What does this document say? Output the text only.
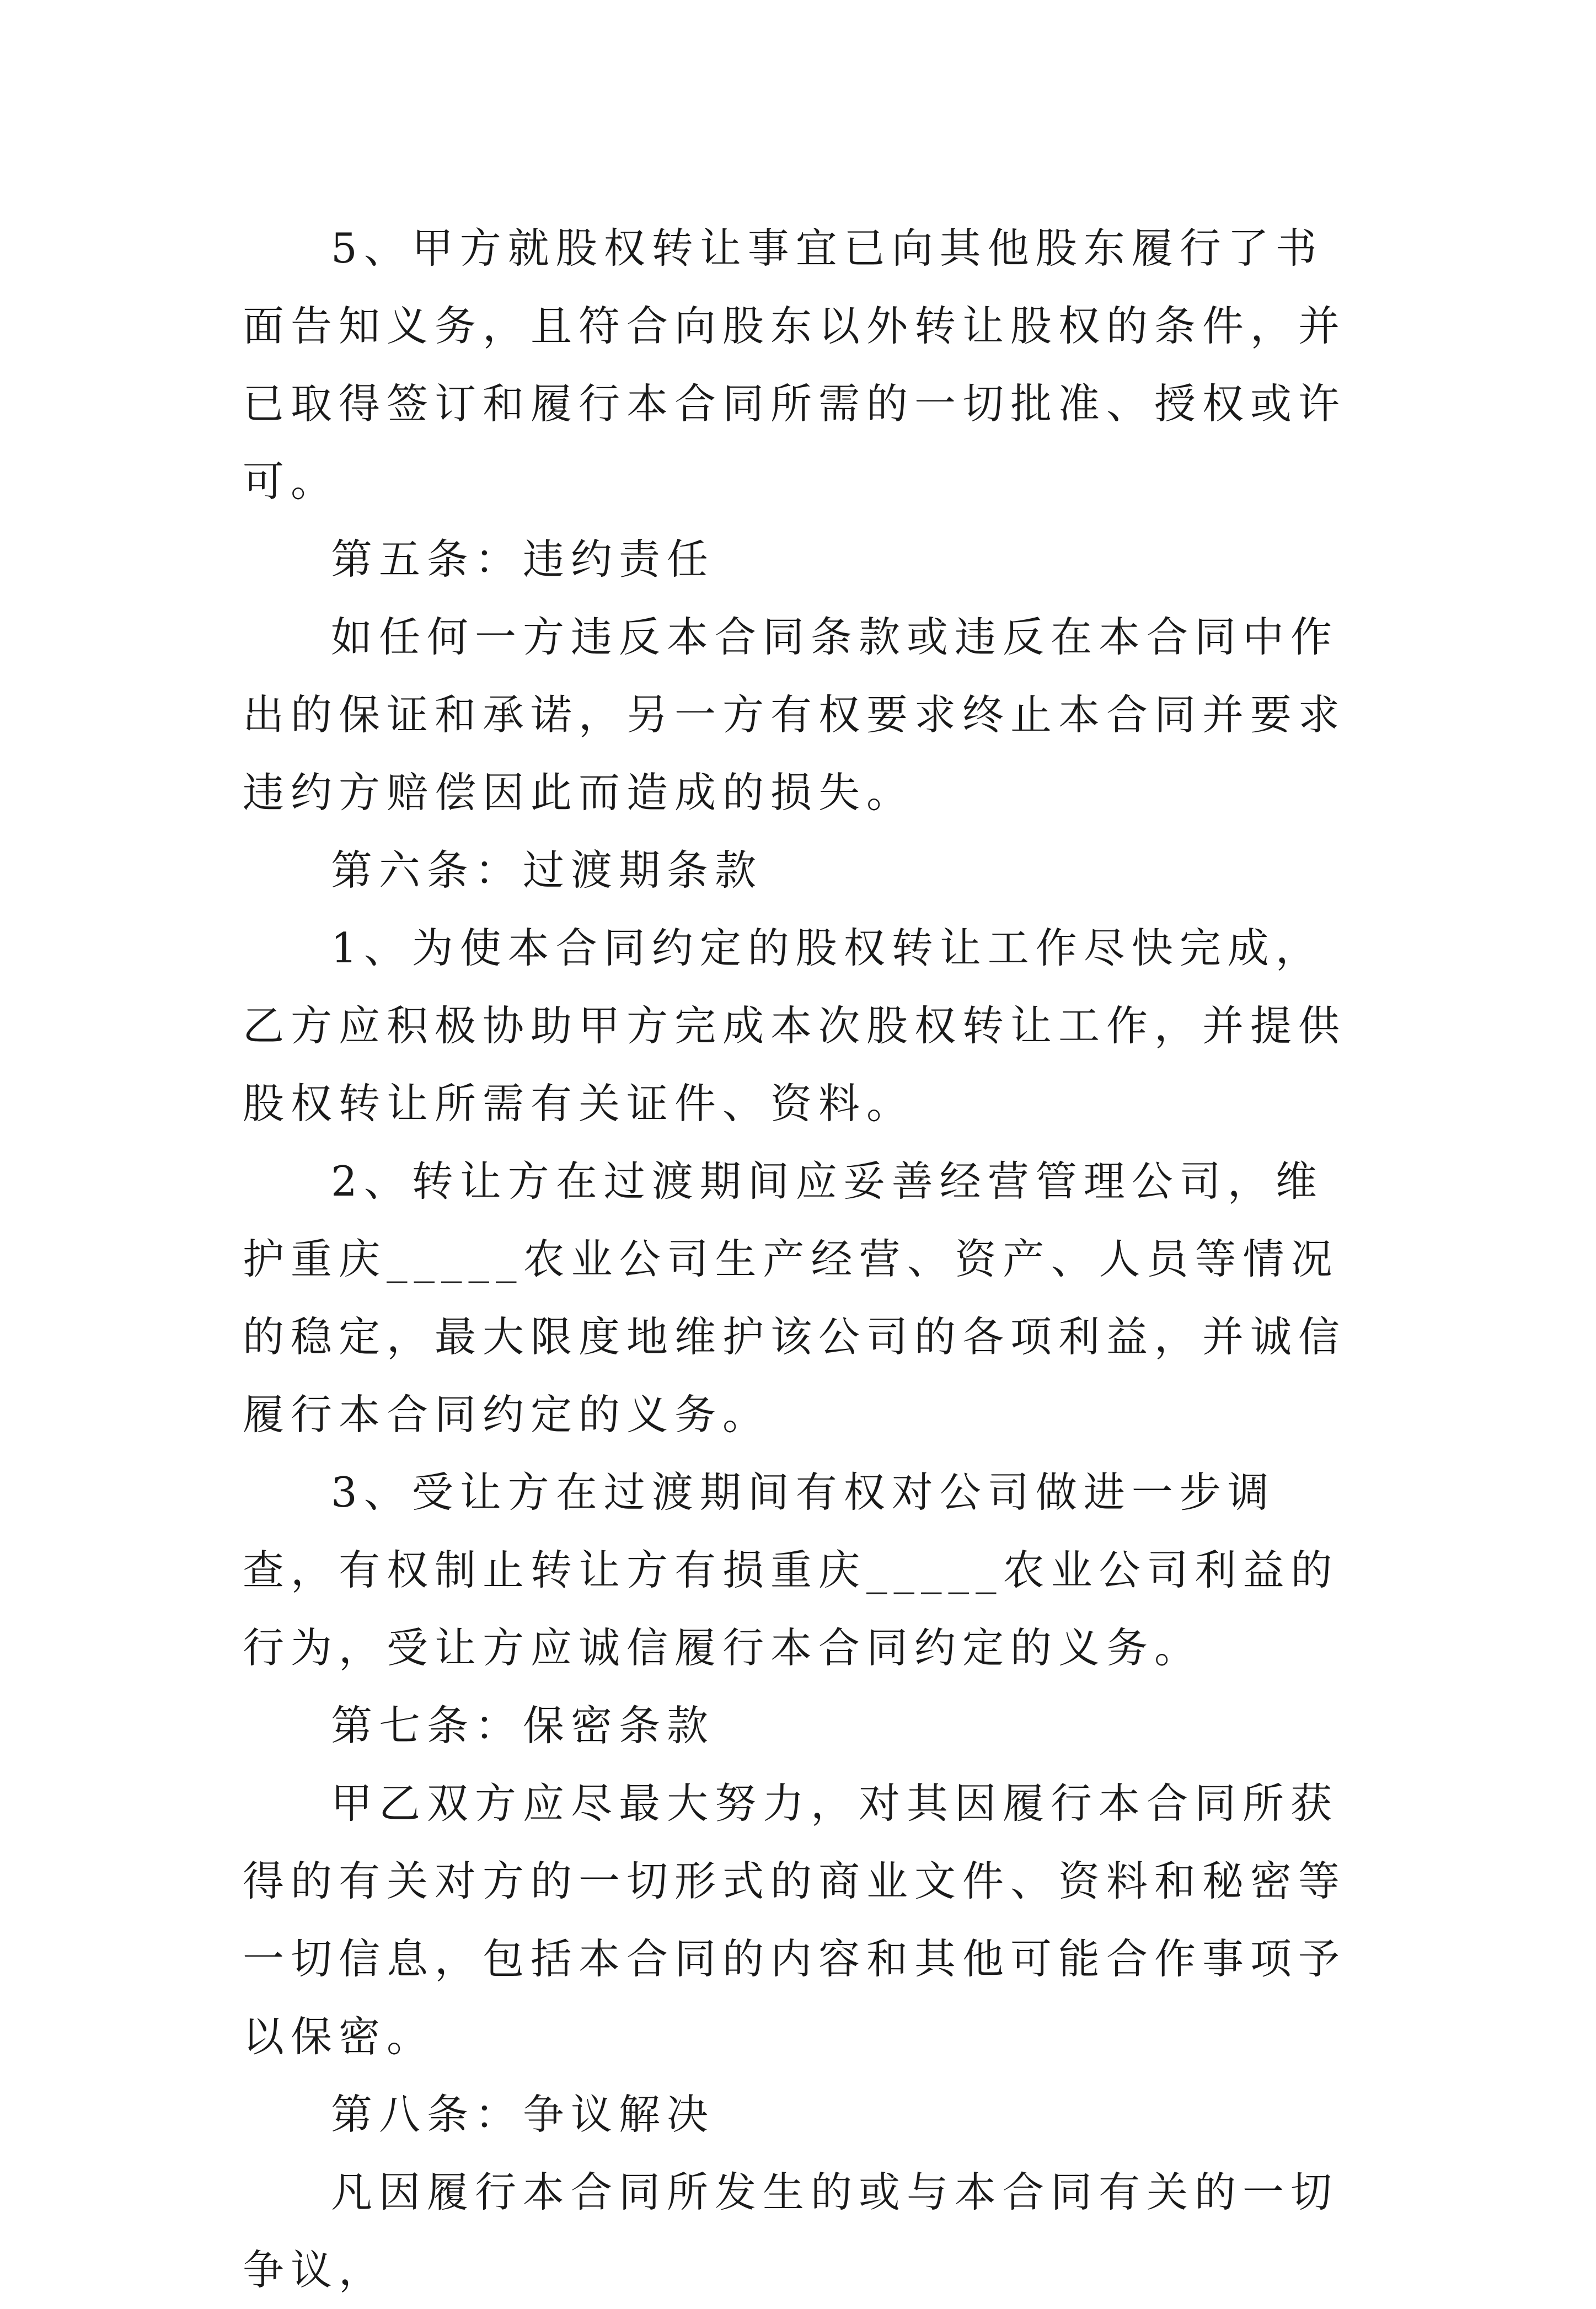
5、甲方就股权转让事宜已向其他股东履行了书面告知义务，且符合向股东以外转让股权的条件，并已取得签订和履行本合同所需的一切批准、授权或许可。

第五条：违约责任

如任何一方违反本合同条款或违反在本合同中作出的保证和承诺，另一方有权要求终止本合同并要求违约方赔偿因此而造成的损失。

第六条：过渡期条款

1、为使本合同约定的股权转让工作尽快完成，乙方应积极协助甲方完成本次股权转让工作，并提供股权转让所需有关证件、资料。

2、转让方在过渡期间应妥善经营管理公司，维护重庆_____农业公司生产经营、资产、人员等情况的稳定，最大限度地维护该公司的各项利益，并诚信履行本合同约定的义务。

3、受让方在过渡期间有权对公司做进一步调查，有权制止转让方有损重庆_____农业公司利益的行为，受让方应诚信履行本合同约定的义务。

第七条：保密条款

甲乙双方应尽最大努力，对其因履行本合同所获得的有关对方的一切形式的商业文件、资料和秘密等一切信息，包括本合同的内容和其他可能合作事项予以保密。

第八条：争议解决

凡因履行本合同所发生的或与本合同有关的一切争议，
